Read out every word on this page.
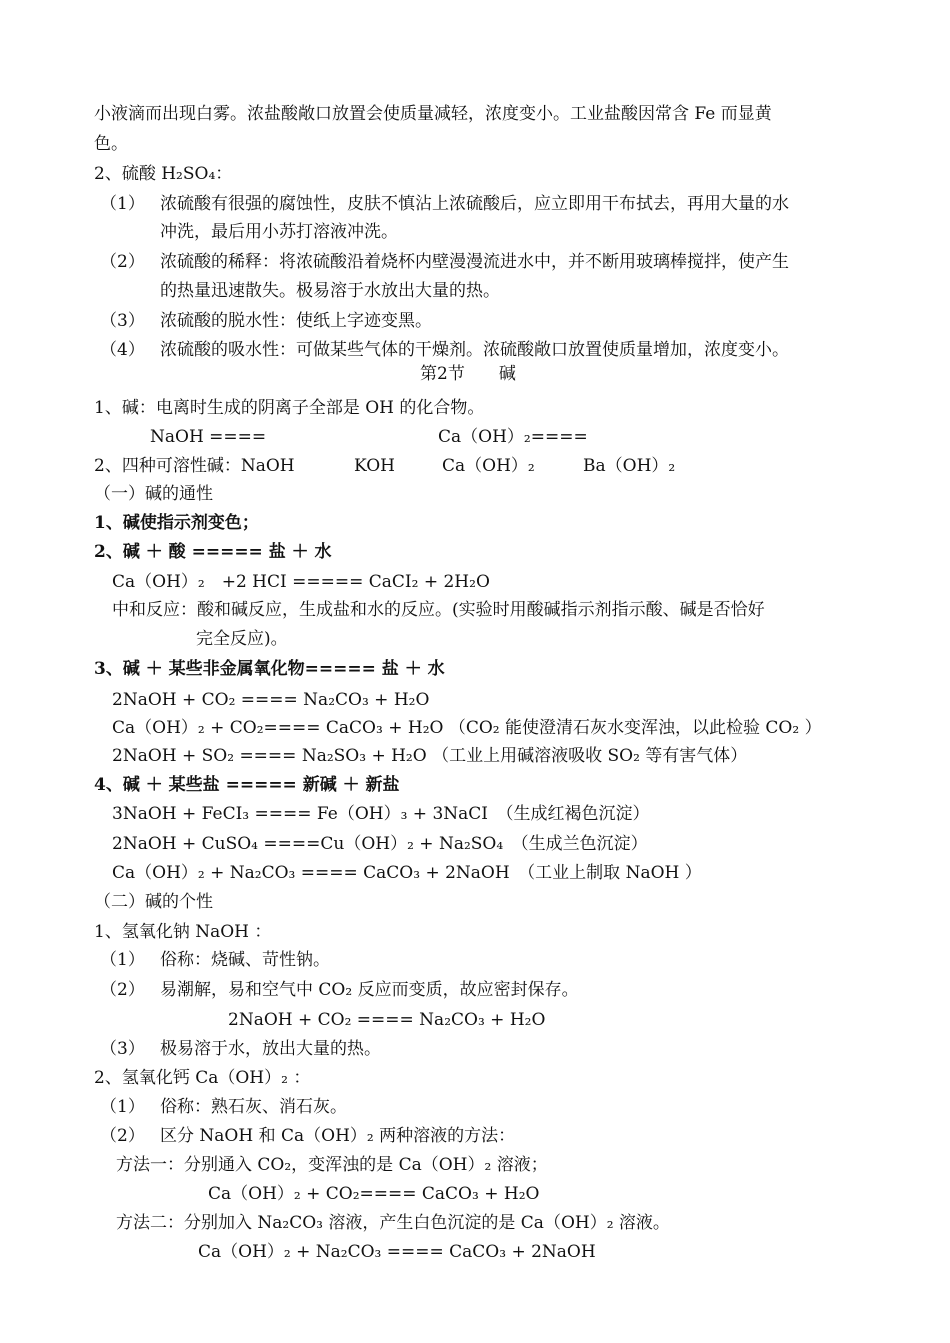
小液滴而出现白雾。浓盐酸敞口放置会使质量减轻，浓度变小。工业盐酸因常含 Fe 而显黄
色。
2、硫酸 H₂SO₄：
（1） 浓硫酸有很强的腐蚀性，皮肤不慎沾上浓硫酸后，应立即用干布拭去，再用大量的水
冲洗，最后用小苏打溶液冲洗。
（2） 浓硫酸的稀释：将浓硫酸沿着烧杯内壁漫漫流进水中，并不断用玻璃棒搅拌，使产生
的热量迅速散失。极易溶于水放出大量的热。
（3） 浓硫酸的脱水性：使纸上字迹变黑。
（4） 浓硫酸的吸水性：可做某些气体的干燥剂。浓硫酸敞口放置使质量增加，浓度变小。
第2节　　碱
1、碱：电离时生成的阴离子全部是 OH 的化合物。
NaOH ====	Ca（OH）₂====
2、四种可溶性碱：NaOH	KOH	Ca（OH）₂	Ba（OH）₂
（一）碱的通性
1、碱使指示剂变色；
2、碱 ＋ 酸 ===== 盐 ＋ 水
Ca（OH）₂　+2 HCI ===== CaCI₂ + 2H₂O
中和反应：酸和碱反应，生成盐和水的反应。(实验时用酸碱指示剂指示酸、碱是否恰好
完全反应)。
3、碱 ＋ 某些非金属氧化物===== 盐 ＋ 水
2NaOH + CO₂ ==== Na₂CO₃ + H₂O
Ca（OH）₂ + CO₂==== CaCO₃ + H₂O （CO₂ 能使澄清石灰水变浑浊，以此检验 CO₂ ）
2NaOH + SO₂ ==== Na₂SO₃ + H₂O （工业上用碱溶液吸收 SO₂ 等有害气体）
4、碱 ＋ 某些盐 ===== 新碱 ＋ 新盐
3NaOH + FeCI₃ ==== Fe（OH）₃ + 3NaCI　（生成红褐色沉淀）
2NaOH + CuSO₄ ====Cu（OH）₂ + Na₂SO₄　（生成兰色沉淀）
Ca（OH）₂ + Na₂CO₃ ==== CaCO₃ + 2NaOH　（工业上制取 NaOH ）
（二）碱的个性
1、氢氧化钠 NaOH ：
（1） 俗称：烧碱、苛性钠。
（2） 易潮解，易和空气中 CO₂ 反应而变质，故应密封保存。
2NaOH + CO₂ ==== Na₂CO₃ + H₂O
（3） 极易溶于水，放出大量的热。
2、氢氧化钙 Ca（OH）₂ ：
（1） 俗称：熟石灰、消石灰。
（2） 区分 NaOH 和 Ca（OH）₂ 两种溶液的方法：
方法一：分别通入 CO₂，变浑浊的是 Ca（OH）₂ 溶液；
Ca（OH）₂ + CO₂==== CaCO₃ + H₂O
方法二：分别加入 Na₂CO₃ 溶液，产生白色沉淀的是 Ca（OH）₂ 溶液。
Ca（OH）₂ + Na₂CO₃ ==== CaCO₃ + 2NaOH
